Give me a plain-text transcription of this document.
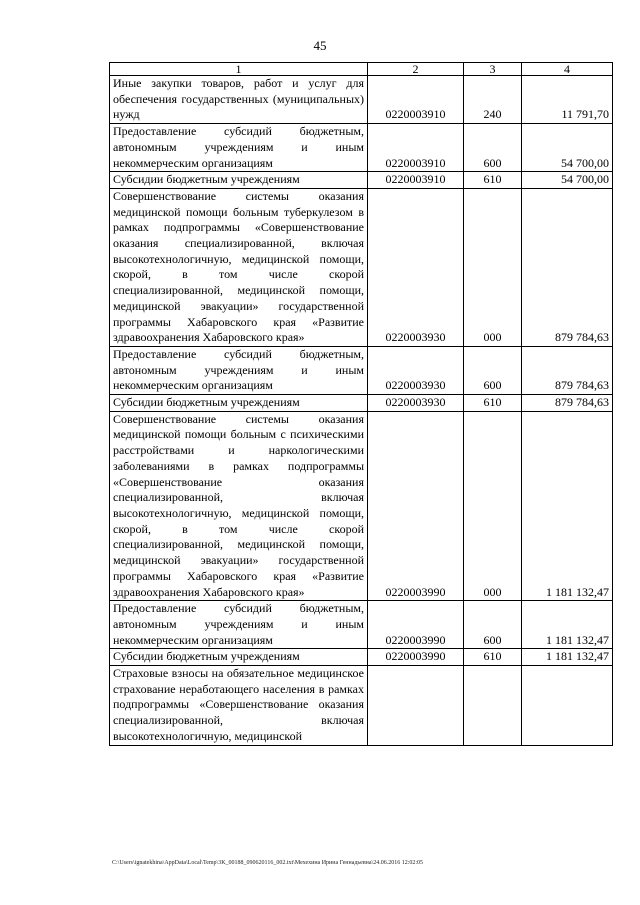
45
1	2	3	4
Иные закупки товаров, работ и услуг для обеспечения государственных (муниципальных) нужд	0220003910	240	11 791,70
Предоставление субсидий бюджетным, автономным учреждениям и иным некоммерческим организациям	0220003910	600	54 700,00
Субсидии бюджетным учреждениям	0220003910	610	54 700,00
Совершенствование системы оказания медицинской помощи больным туберкулезом в рамках подпрограммы «Совершенствование оказания специализированной, включая высокотехнологичную, медицинской помощи, скорой, в том числе скорой специализированной, медицинской помощи, медицинской эвакуации» государственной программы Хабаровского края «Развитие здравоохранения Хабаровского края»	0220003930	000	879 784,63
Предоставление субсидий бюджетным, автономным учреждениям и иным некоммерческим организациям	0220003930	600	879 784,63
Субсидии бюджетным учреждениям	0220003930	610	879 784,63
Совершенствование системы оказания медицинской помощи больным с психическими расстройствами и наркологическими заболеваниями в рамках подпрограммы «Совершенствование оказания специализированной, включая высокотехнологичную, медицинской помощи, скорой, в том числе скорой специализированной, медицинской помощи, медицинской эвакуации» государственной программы Хабаровского края «Развитие здравоохранения Хабаровского края»	0220003990	000	1 181 132,47
Предоставление субсидий бюджетным, автономным учреждениям и иным некоммерческим организациям	0220003990	600	1 181 132,47
Субсидии бюджетным учреждениям	0220003990	610	1 181 132,47
Страховые взносы на обязательное медицинское страхование неработающего населения в рамках подпрограммы «Совершенствование оказания специализированной, включая высокотехнологичную, медицинской			
C:\Users\ignatekhina\AppData\Local\Temp\3K_00188_090620116_002.txt\Мехехина Ирина Геннадьевна\24.06.2016 12:02:05
